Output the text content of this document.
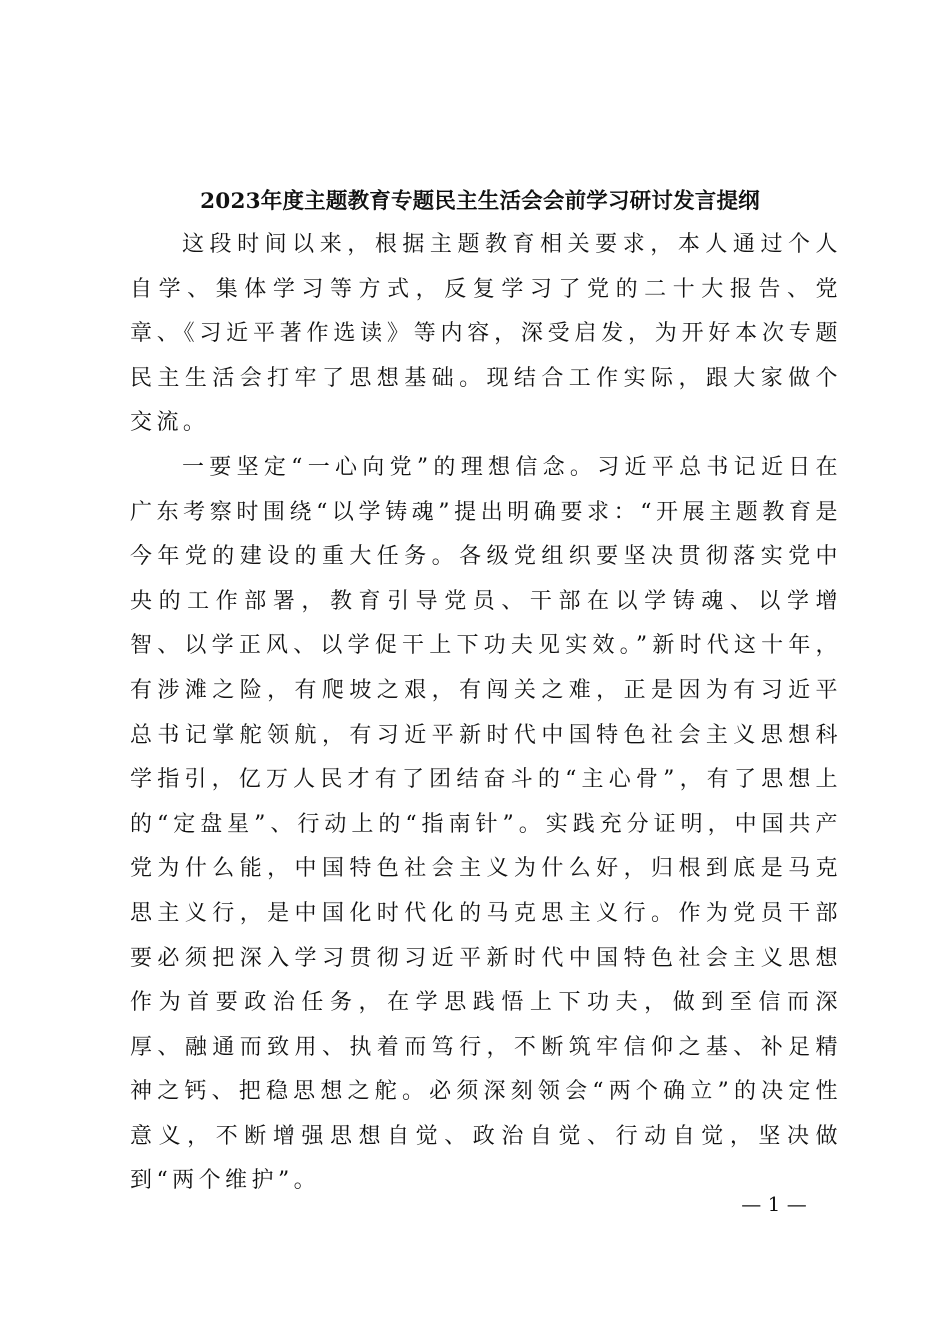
2023年度主题教育专题民主生活会会前学习研讨发言提纲

这段时间以来，根据主题教育相关要求，本人通过个人自学、集体学习等方式，反复学习了党的二十大报告、党章、《习近平著作选读》等内容，深受启发，为开好本次专题民主生活会打牢了思想基础。现结合工作实际，跟大家做个交流。

一要坚定“一心向党”的理想信念。习近平总书记近日在广东考察时围绕“以学铸魂”提出明确要求：“开展主题教育是今年党的建设的重大任务。各级党组织要坚决贯彻落实党中央的工作部署，教育引导党员、干部在以学铸魂、以学增智、以学正风、以学促干上下功夫见实效。”新时代这十年，有涉滩之险，有爬坡之艰，有闯关之难，正是因为有习近平总书记掌舵领航，有习近平新时代中国特色社会主义思想科学指引，亿万人民才有了团结奋斗的“主心骨”，有了思想上的“定盘星”、行动上的“指南针”。实践充分证明，中国共产党为什么能，中国特色社会主义为什么好，归根到底是马克思主义行，是中国化时代化的马克思主义行。作为党员干部要必须把深入学习贯彻习近平新时代中国特色社会主义思想作为首要政治任务，在学思践悟上下功夫，做到至信而深厚、融通而致用、执着而笃行，不断筑牢信仰之基、补足精神之钙、把稳思想之舵。必须深刻领会“两个确立”的决定性意义，不断增强思想自觉、政治自觉、行动自觉，坚决做到“两个维护”。

— 1 —
